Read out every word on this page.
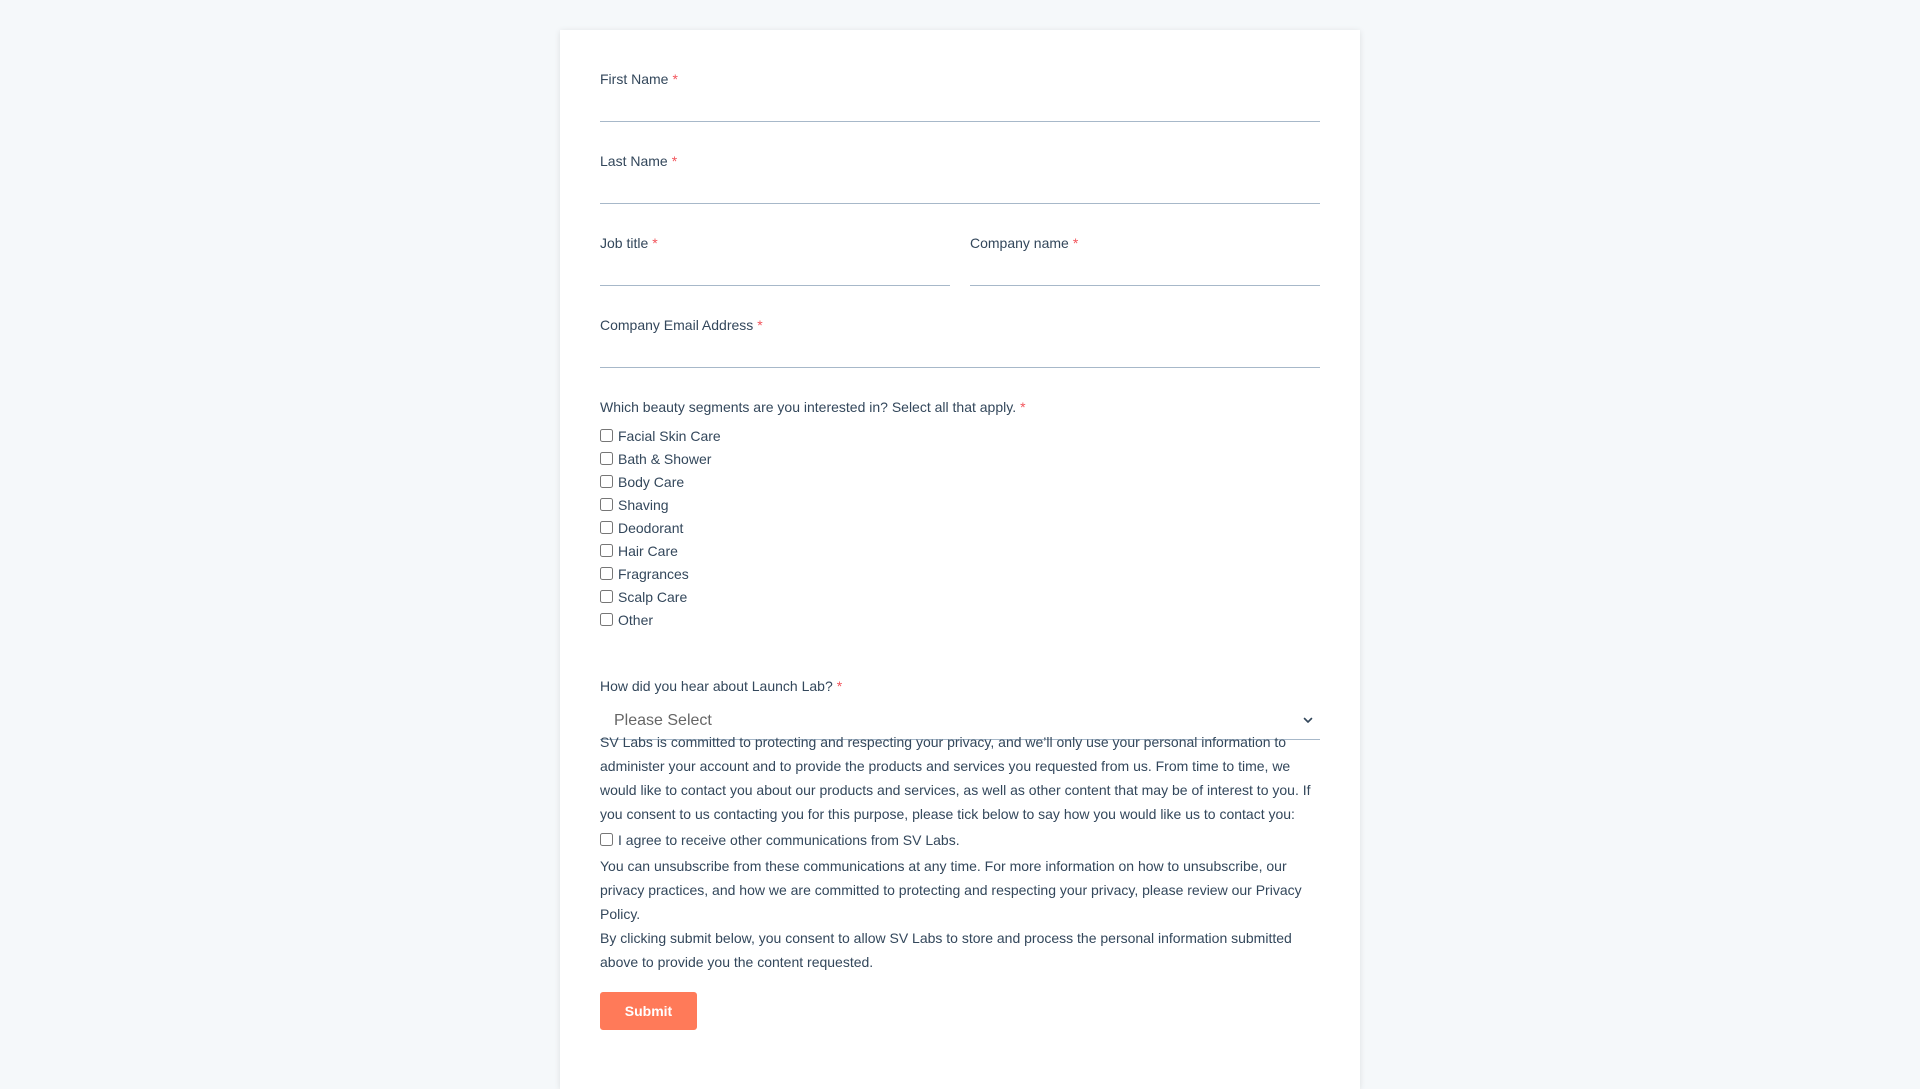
First Name *
Last Name *
Job title *	Company name *
Company Email Address *
Which beauty segments are you interested in? Select all that apply. *
Facial Skin Care
Bath & Shower
Body Care
Shaving
Deodorant
Hair Care
Fragrances
Scalp Care
Other
How did you hear about Launch Lab? *
Please Select

SV Labs is committed to protecting and respecting your privacy, and we’ll only use your personal information to administer your account and to provide the products and services you requested from us. From time to time, we would like to contact you about our products and services, as well as other content that may be of interest to you. If you consent to us contacting you for this purpose, please tick below to say how you would like us to contact you:

I agree to receive other communications from SV Labs.

You can unsubscribe from these communications at any time. For more information on how to unsubscribe, our privacy practices, and how we are committed to protecting and respecting your privacy, please review our Privacy Policy.

By clicking submit below, you consent to allow SV Labs to store and process the personal information submitted above to provide you the content requested.

Submit
